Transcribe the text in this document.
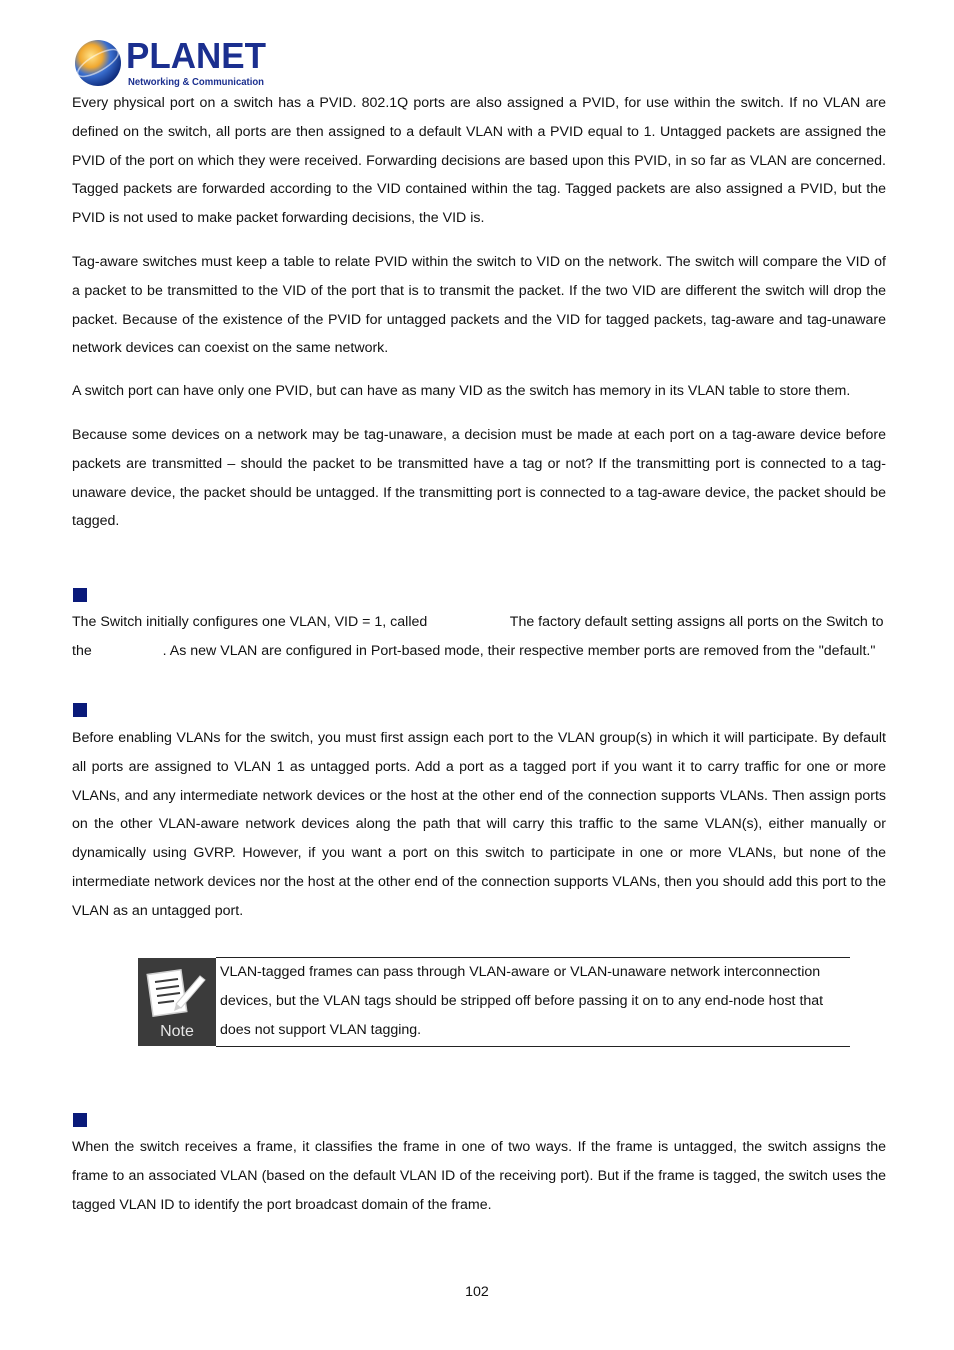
PLANET
Networking & Communication

Every physical port on a switch has a PVID. 802.1Q ports are also assigned a PVID, for use within the switch. If no VLAN are defined on the switch, all ports are then assigned to a default VLAN with a PVID equal to 1. Untagged packets are assigned the PVID of the port on which they were received. Forwarding decisions are based upon this PVID, in so far as VLAN are concerned. Tagged packets are forwarded according to the VID contained within the tag. Tagged packets are also assigned a PVID, but the PVID is not used to make packet forwarding decisions, the VID is.

Tag-aware switches must keep a table to relate PVID within the switch to VID on the network. The switch will compare the VID of a packet to be transmitted to the VID of the port that is to transmit the packet. If the two VID are different the switch will drop the packet. Because of the existence of the PVID for untagged packets and the VID for tagged packets, tag-aware and tag-unaware network devices can coexist on the same network.

A switch port can have only one PVID, but can have as many VID as the switch has memory in its VLAN table to store them.

Because some devices on a network may be tag-unaware, a decision must be made at each port on a tag-aware device before packets are transmitted – should the packet to be transmitted have a tag or not? If the transmitting port is connected to a tag-unaware device, the packet should be untagged. If the transmitting port is connected to a tag-aware device, the packet should be tagged.

The Switch initially configures one VLAN, VID = 1, called                     The factory default setting assigns all ports on the Switch to

the                  . As new VLAN are configured in Port-based mode, their respective member ports are removed from the "default."

Before enabling VLANs for the switch, you must first assign each port to the VLAN group(s) in which it will participate. By default all ports are assigned to VLAN 1 as untagged ports. Add a port as a tagged port if you want it to carry traffic for one or more VLANs, and any intermediate network devices or the host at the other end of the connection supports VLANs. Then assign ports on the other VLAN-aware network devices along the path that will carry this traffic to the same VLAN(s), either manually or dynamically using GVRP. However, if you want a port on this switch to participate in one or more VLANs, but none of the intermediate network devices nor the host at the other end of the connection supports VLANs, then you should add this port to the VLAN as an untagged port.

Note

VLAN-tagged frames can pass through VLAN-aware or VLAN-unaware network interconnection devices, but the VLAN tags should be stripped off before passing it on to any end-node host that does not support VLAN tagging.

When the switch receives a frame, it classifies the frame in one of two ways. If the frame is untagged, the switch assigns the frame to an associated VLAN (based on the default VLAN ID of the receiving port). But if the frame is tagged, the switch uses the tagged VLAN ID to identify the port broadcast domain of the frame.

102
